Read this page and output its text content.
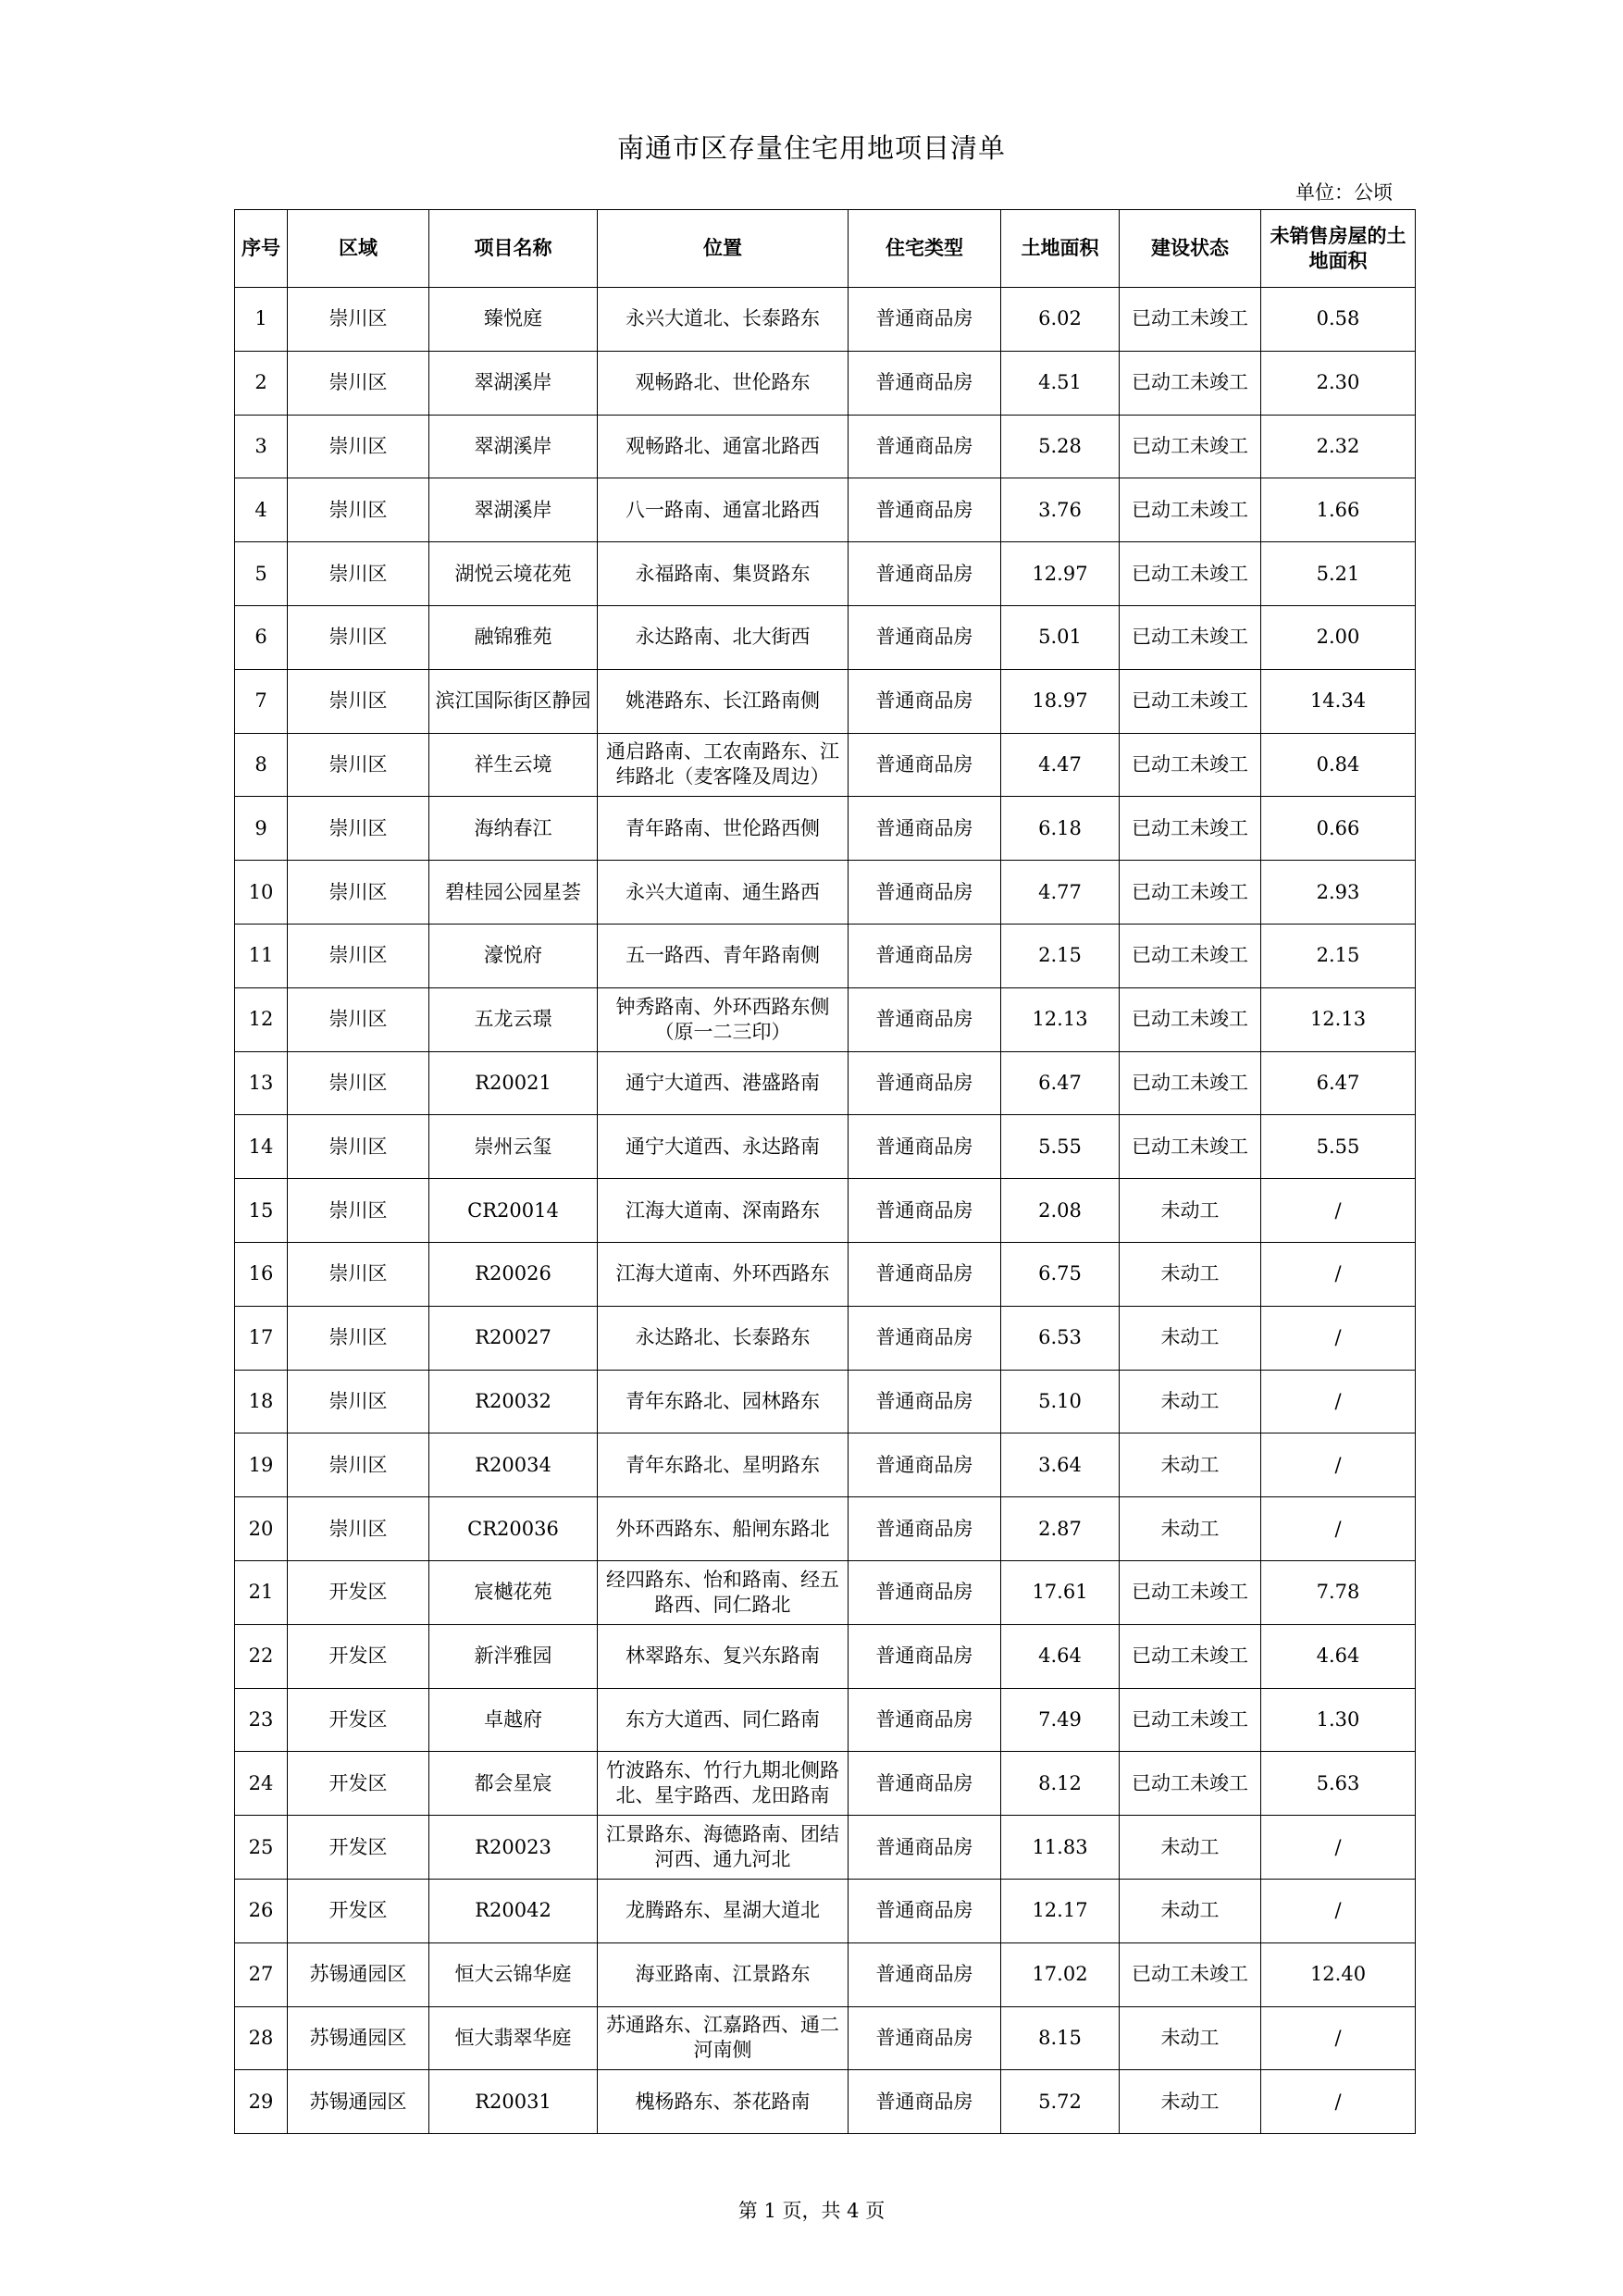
南通市区存量住宅用地项目清单
单位：公顷
序号	区域	项目名称	位置	住宅类型	土地面积	建设状态	未销售房屋的土地面积
1	崇川区	臻悦庭	永兴大道北、长泰路东	普通商品房	6.02	已动工未竣工	0.58
2	崇川区	翠湖溪岸	观畅路北、世伦路东	普通商品房	4.51	已动工未竣工	2.30
3	崇川区	翠湖溪岸	观畅路北、通富北路西	普通商品房	5.28	已动工未竣工	2.32
4	崇川区	翠湖溪岸	八一路南、通富北路西	普通商品房	3.76	已动工未竣工	1.66
5	崇川区	湖悦云境花苑	永福路南、集贤路东	普通商品房	12.97	已动工未竣工	5.21
6	崇川区	融锦雅苑	永达路南、北大街西	普通商品房	5.01	已动工未竣工	2.00
7	崇川区	滨江国际街区静园	姚港路东、长江路南侧	普通商品房	18.97	已动工未竣工	14.34
8	崇川区	祥生云境	通启路南、工农南路东、江纬路北（麦客隆及周边）	普通商品房	4.47	已动工未竣工	0.84
9	崇川区	海纳春江	青年路南、世伦路西侧	普通商品房	6.18	已动工未竣工	0.66
10	崇川区	碧桂园公园星荟	永兴大道南、通生路西	普通商品房	4.77	已动工未竣工	2.93
11	崇川区	濠悦府	五一路西、青年路南侧	普通商品房	2.15	已动工未竣工	2.15
12	崇川区	五龙云璟	钟秀路南、外环西路东侧（原一二三印）	普通商品房	12.13	已动工未竣工	12.13
13	崇川区	R20021	通宁大道西、港盛路南	普通商品房	6.47	已动工未竣工	6.47
14	崇川区	崇州云玺	通宁大道西、永达路南	普通商品房	5.55	已动工未竣工	5.55
15	崇川区	CR20014	江海大道南、深南路东	普通商品房	2.08	未动工	/
16	崇川区	R20026	江海大道南、外环西路东	普通商品房	6.75	未动工	/
17	崇川区	R20027	永达路北、长泰路东	普通商品房	6.53	未动工	/
18	崇川区	R20032	青年东路北、园林路东	普通商品房	5.10	未动工	/
19	崇川区	R20034	青年东路北、星明路东	普通商品房	3.64	未动工	/
20	崇川区	CR20036	外环西路东、船闸东路北	普通商品房	2.87	未动工	/
21	开发区	宸樾花苑	经四路东、怡和路南、经五路西、同仁路北	普通商品房	17.61	已动工未竣工	7.78
22	开发区	新泮雅园	林翠路东、复兴东路南	普通商品房	4.64	已动工未竣工	4.64
23	开发区	卓越府	东方大道西、同仁路南	普通商品房	7.49	已动工未竣工	1.30
24	开发区	都会星宸	竹波路东、竹行九期北侧路北、星宇路西、龙田路南	普通商品房	8.12	已动工未竣工	5.63
25	开发区	R20023	江景路东、海德路南、团结河西、通九河北	普通商品房	11.83	未动工	/
26	开发区	R20042	龙腾路东、星湖大道北	普通商品房	12.17	未动工	/
27	苏锡通园区	恒大云锦华庭	海亚路南、江景路东	普通商品房	17.02	已动工未竣工	12.40
28	苏锡通园区	恒大翡翠华庭	苏通路东、江嘉路西、通二河南侧	普通商品房	8.15	未动工	/
29	苏锡通园区	R20031	槐杨路东、茶花路南	普通商品房	5.72	未动工	/
第 1 页，共 4 页
